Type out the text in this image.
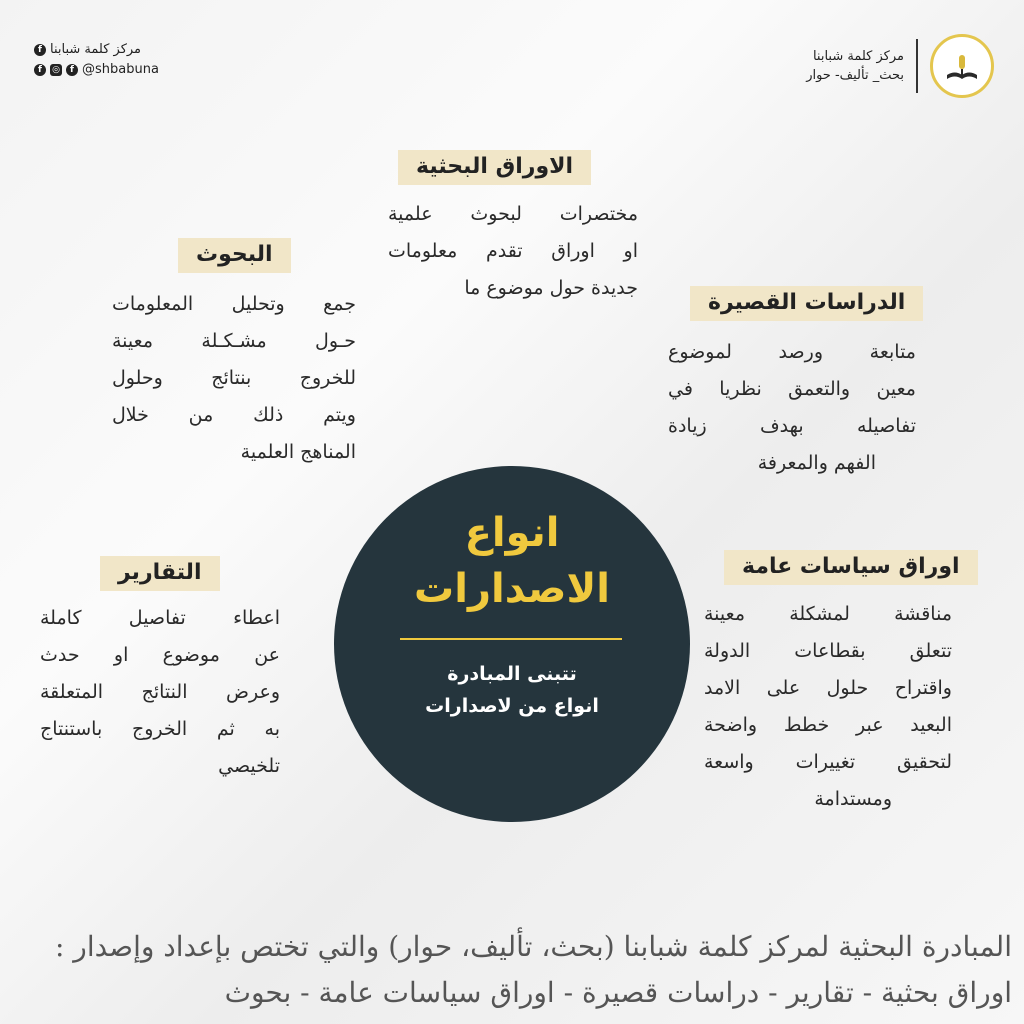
مركز كلمة شبابنا
بحث_ تأليف- حوار
f مركز كلمة شبابنا
f	◎	f @shbabuna
الاوراق البحثية
مختصرات لبحوث علمية
او اوراق تقدم معلومات
جديدة حول موضوع ما
البحوث
جمع وتحليل المعلومات
حـول مشـكـلة معينة
للخروج بنتائج وحلول
ويتم ذلك من خلال
المناهج العلمية
الدراسات القصيرة
متابعة ورصد لموضوع
معين والتعمق نظريا في
تفاصيله بهدف زيادة
الفهم والمعرفة
التقارير
اعطاء تفاصيل كاملة
عن موضوع او حدث
وعرض النتائج المتعلقة
به ثم الخروج باستنتاج
تلخيصي
اوراق سياسات عامة
مناقشة لمشكلة معينة
تتعلق بقطاعات الدولة
واقتراح حلول على الامد
البعيد عبر خطط واضحة
لتحقيق تغييرات واسعة
ومستدامة
انواع
الاصدارات
تتبنى المبادرة
انواع من لاصدارات
المبادرة البحثية لمركز كلمة شبابنا (بحث، تأليف، حوار) والتي تختص بإعداد وإصدار :
اوراق بحثية - تقارير - دراسات قصيرة - اوراق سياسات عامة - بحوث
